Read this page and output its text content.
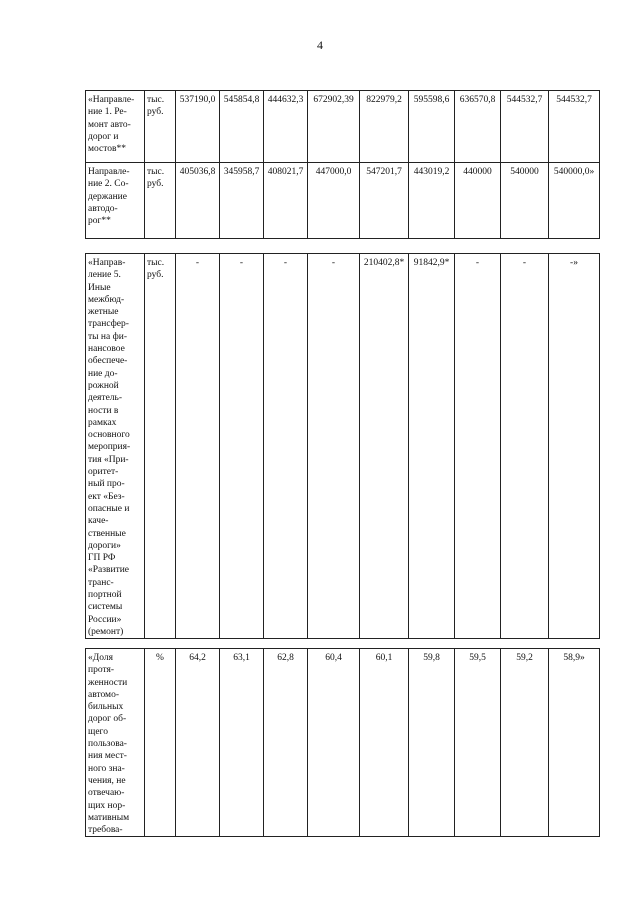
4
«Направле-
ние 1. Ре-
монт авто-
дорог и
мостов**	тыс.
руб.	537190,0	545854,8	444632,3	672902,39	822979,2	595598,6	636570,8	544532,7	544532,7
Направле-
ние 2. Со-
держание
автодо-
рог**	тыс.
руб.	405036,8	345958,7	408021,7	447000,0	547201,7	443019,2	440000	540000	540000,0»
«Направ-
ление 5.
Иные
межбюд-
жетные
трансфер-
ты на фи-
нансовое
обеспече-
ние до-
рожной
деятель-
ности в
рамках
основного
мероприя-
тия «При-
оритет-
ный про-
ект «Без-
опасные и
каче-
ственные
дороги»
ГП РФ
«Развитие
транс-
портной
системы
России»
(ремонт)	тыс.
руб.	-	-	-	-	210402,8*	91842,9*	-	-	-»
«Доля
протя-
женности
автомо-
бильных
дорог об-
щего
пользова-
ния мест-
ного зна-
чения, не
отвечаю-
щих нор-
мативным
требова-	%	64,2	63,1	62,8	60,4	60,1	59,8	59,5	59,2	58,9»
